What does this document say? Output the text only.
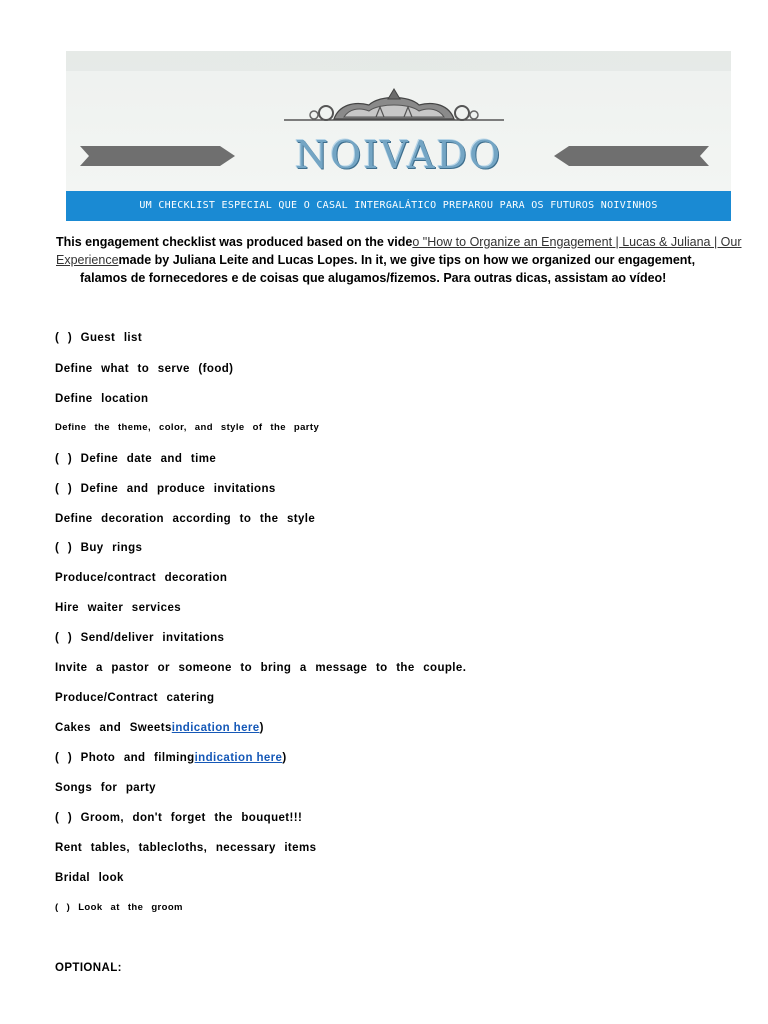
NOIVADO
UM CHECKLIST ESPECIAL QUE O CASAL INTERGALÁTICO PREPAROU PARA OS FUTUROS NOIVINHOS
This engagement checklist was produced based on the video "How to Organize an Engagement | Lucas & Juliana | Our
Experiencemade by Juliana Leite and Lucas Lopes. In it, we give tips on how we organized our engagement,
falamos de fornecedores e de coisas que alugamos/fizemos. Para outras dicas, assistam ao vídeo!
( ) Guest list
Define what to serve (food)
Define location
Define the theme, color, and style of the party
( ) Define date and time
( ) Define and produce invitations
Define decoration according to the style
( ) Buy rings
Produce/contract decoration
Hire waiter services
( ) Send/deliver invitations
Invite a pastor or someone to bring a message to the couple.
Produce/Contract catering
Cakes and Sweetsindication here)
( ) Photo and filmingindication here)
Songs for party
( ) Groom, don't forget the bouquet!!!
Rent tables, tablecloths, necessary items
Bridal look
( ) Look at the groom
OPTIONAL:
